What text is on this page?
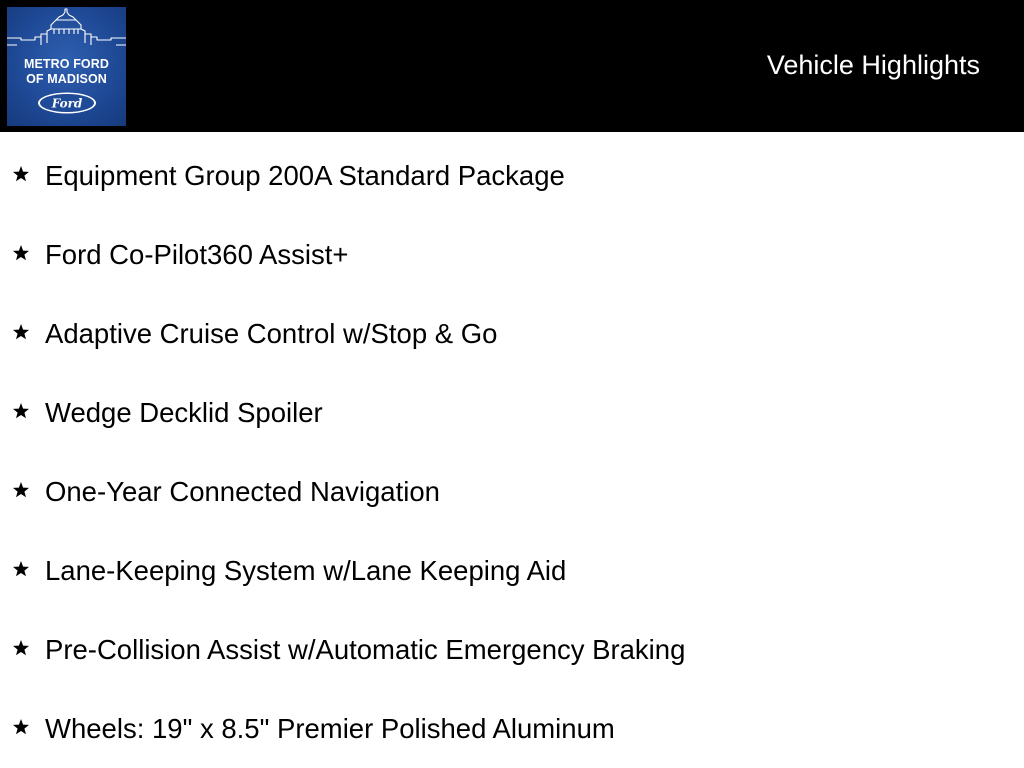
METRO FORD
OF MADISON
Ford
Vehicle Highlights
Equipment Group 200A Standard Package
Ford Co-Pilot360 Assist+
Adaptive Cruise Control w/Stop & Go
Wedge Decklid Spoiler
One-Year Connected Navigation
Lane-Keeping System w/Lane Keeping Aid
Pre-Collision Assist w/Automatic Emergency Braking
Wheels: 19" x 8.5" Premier Polished Aluminum
